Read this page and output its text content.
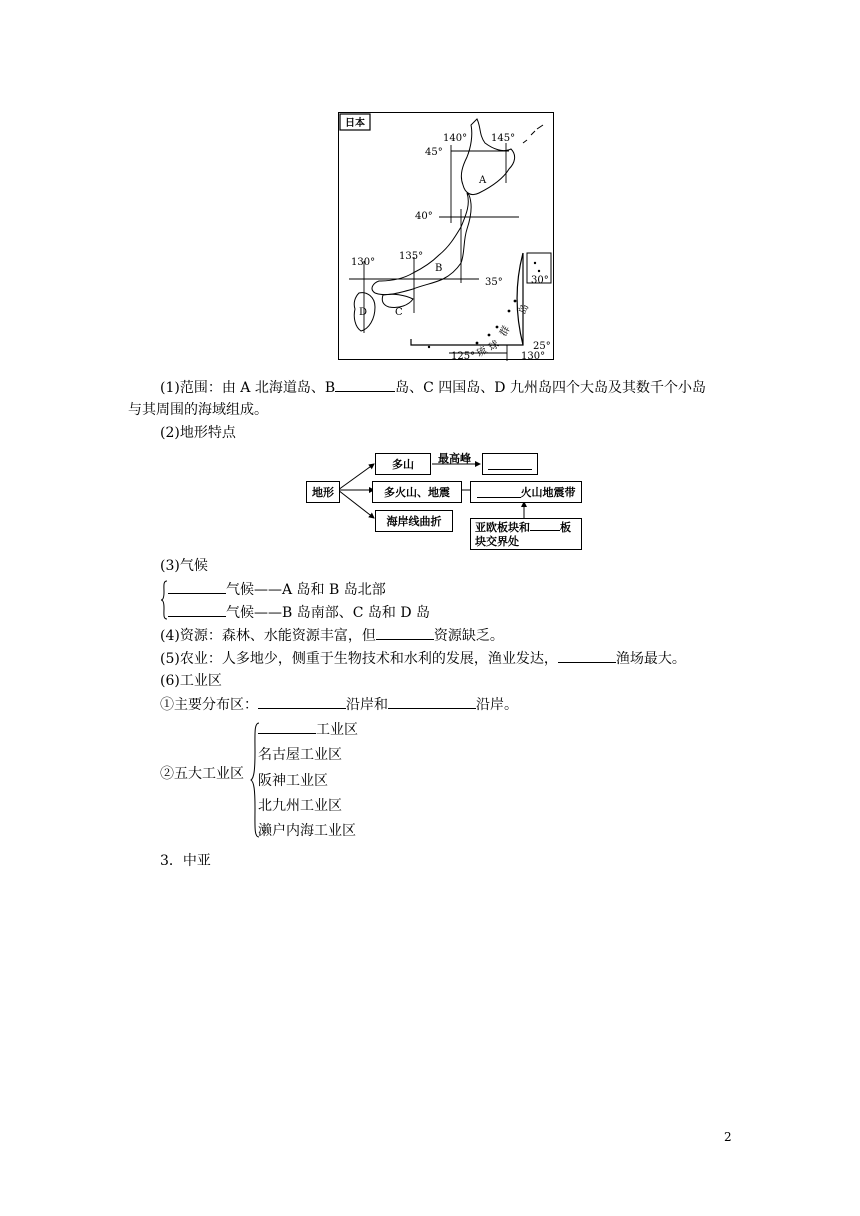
日本
140° 145°
45°
40°
130°
135°
35°	30°
25°
125°	130°
A
B
C
D
琉
球
群
岛
(1)范围：由 A 北海道岛、B	岛、C 四国岛、D 九州岛四个大岛及其数千个小岛
与其周围的海域组成。
(2)地形特点
地形
多山 最高峰
多火山、地震	火山地震带
海岸线曲折	亚欧板块和	板
块交界处
(3)气候
气候——A 岛和 B 岛北部
气候——B 岛南部、C 岛和 D 岛
(4)资源：森林、水能资源丰富，但	资源缺乏。
(5)农业：人多地少，侧重于生物技术和水利的发展，渔业发达，	渔场最大。
(6)工业区
①主要分布区：	沿岸和	沿岸。
②五大工业区
工业区
名古屋工业区
阪神工业区
北九州工业区
濑户内海工业区
3．中亚
2
